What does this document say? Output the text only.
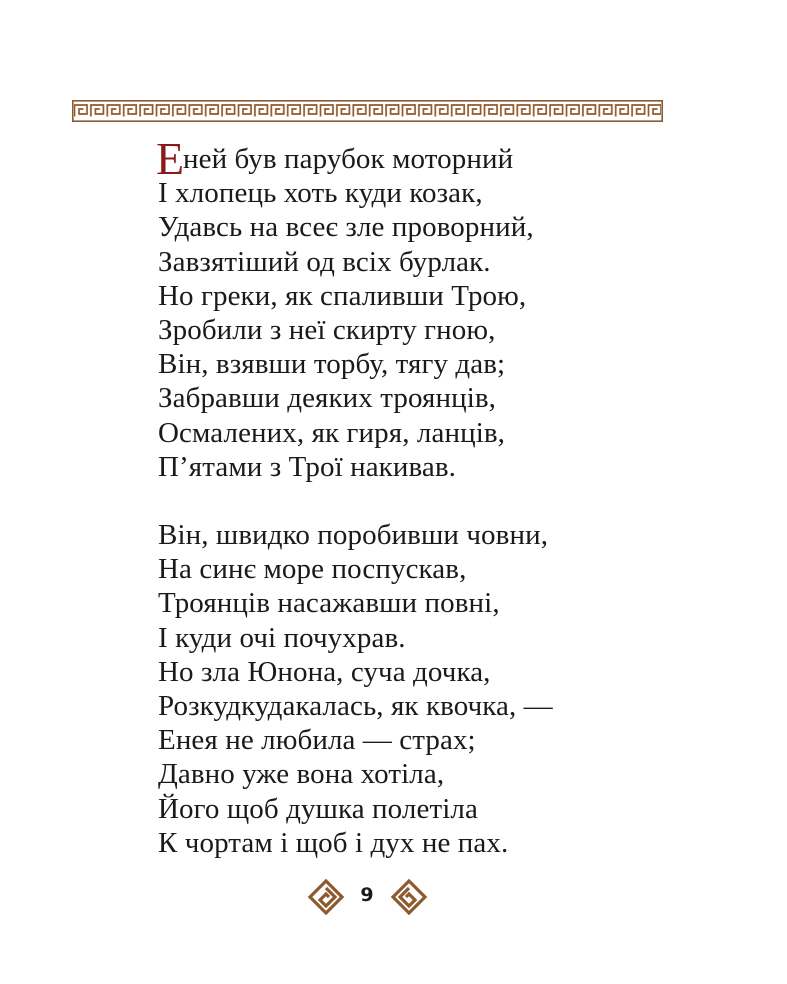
Е
ней був парубок моторний
І хлопець хоть куди козак,
Удавсь на всеє зле проворний,
Завзятіший од всіх бурлак.
Но греки, як спаливши Трою,
Зробили з неї скирту гною,
Він, взявши торбу, тягу дав;
Забравши деяких троянців,
Осмалених, як гиря, ланців,
П’ятами з Трої накивав.
Він, швидко поробивши човни,
На синє море поспускав,
Троянців насажавши повні,
І куди очі почухрав.
Но зла Юнона, суча дочка,
Розкудкудакалась, як квочка, —
Енея не любила — страх;
Давно уже вона хотіла,
Його щоб душка полетіла
К чортам і щоб і дух не пах.
9
